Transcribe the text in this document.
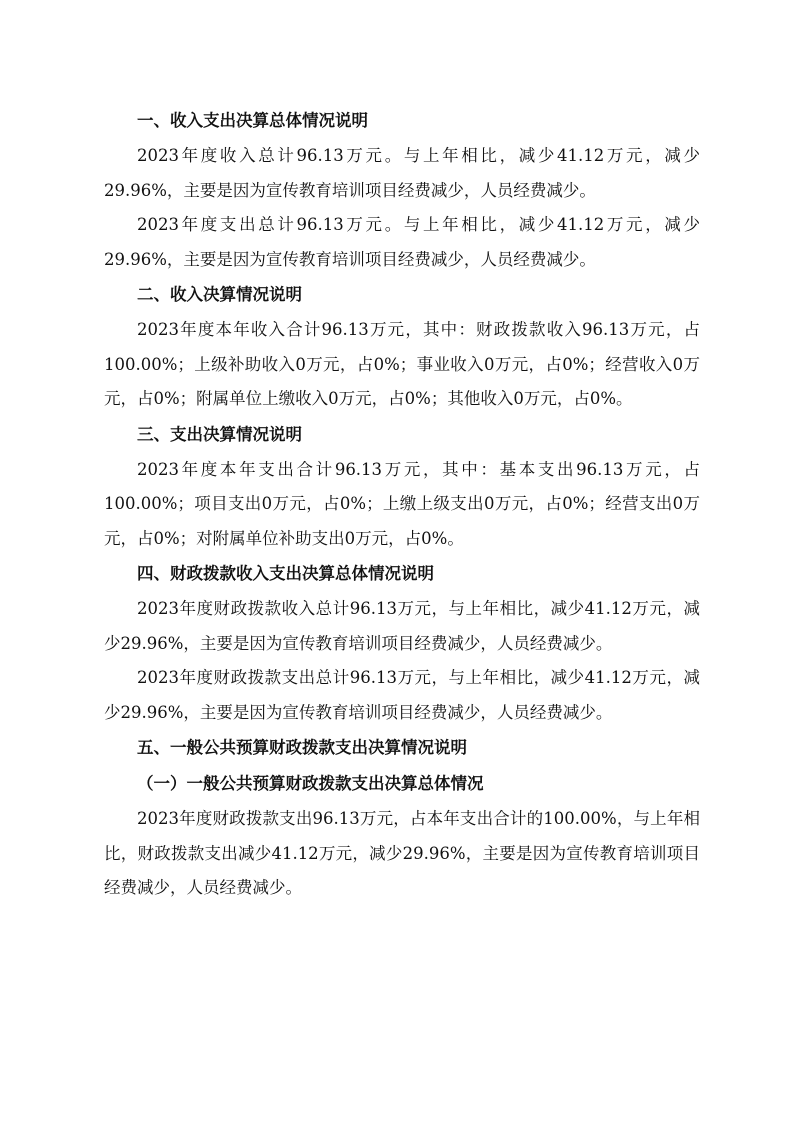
一、收入支出决算总体情况说明

2023年度收入总计96.13万元。与上年相比，减少41.12万元，减少29.96%，主要是因为宣传教育培训项目经费减少，人员经费减少。

2023年度支出总计96.13万元。与上年相比，减少41.12万元，减少29.96%，主要是因为宣传教育培训项目经费减少，人员经费减少。

二、收入决算情况说明

2023年度本年收入合计96.13万元，其中：财政拨款收入96.13万元，占100.00%；上级补助收入0万元，占0%；事业收入0万元，占0%；经营收入0万元，占0%；附属单位上缴收入0万元，占0%；其他收入0万元，占0%。

三、支出决算情况说明

2023年度本年支出合计96.13万元，其中：基本支出96.13万元，占100.00%；项目支出0万元，占0%；上缴上级支出0万元，占0%；经营支出0万元，占0%；对附属单位补助支出0万元，占0%。

四、财政拨款收入支出决算总体情况说明

2023年度财政拨款收入总计96.13万元，与上年相比，减少41.12万元，减少29.96%，主要是因为宣传教育培训项目经费减少，人员经费减少。

2023年度财政拨款支出总计96.13万元，与上年相比，减少41.12万元，减少29.96%，主要是因为宣传教育培训项目经费减少，人员经费减少。

五、一般公共预算财政拨款支出决算情况说明
（一）一般公共预算财政拨款支出决算总体情况

2023年度财政拨款支出96.13万元，占本年支出合计的100.00%，与上年相比，财政拨款支出减少41.12万元，减少29.96%，主要是因为宣传教育培训项目经费减少，人员经费减少。
